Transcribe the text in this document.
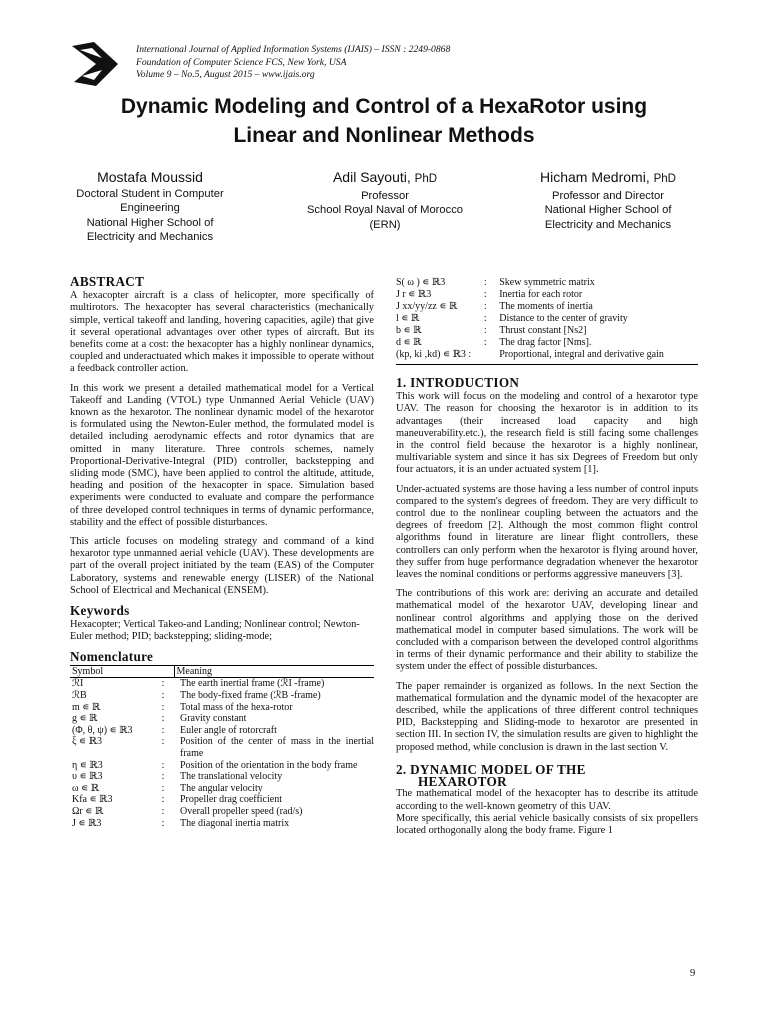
International Journal of Applied Information Systems (IJAIS) – ISSN : 2249-0868
Foundation of Computer Science FCS, New York, USA
Volume 9 – No.5, August 2015 – www.ijais.org
Dynamic Modeling and Control of a HexaRotor using
Linear and Nonlinear Methods
Mostafa Moussid
Doctoral Student in Computer
Engineering
National Higher School of
Electricity and Mechanics
Adil Sayouti, PhD
Professor
School Royal Naval of Morocco
(ERN)
Hicham Medromi, PhD
Professor and Director
National Higher School of
Electricity and Mechanics
ABSTRACT

A hexacopter aircraft is a class of helicopter, more specifically of multirotors. The hexacopter has several characteristics (mechanically simple, vertical takeoff and landing, hovering capacities, agile) that give it several operational advantages over other types of aircraft. But its benefits come at a cost: the hexacopter has a highly nonlinear dynamics, coupled and underactuated which makes it impossible to operate without a feedback controller action.

In this work we present a detailed mathematical model for a Vertical Takeoff and Landing (VTOL) type Unmanned Aerial Vehicle (UAV) known as the hexarotor. The nonlinear dynamic model of the hexarotor is formulated using the Newton-Euler method, the formulated model is detailed including aerodynamic effects and rotor dynamics that are omitted in many literature. Three controls schemes, namely Proportional-Derivative-Integral (PID) controller, backstepping and sliding mode (SMC), have been applied to control the altitude, attitude, heading and position of the hexacopter in space. Simulation based experiments were conducted to evaluate and compare the performance of three developed control techniques in terms of dynamic performance, stability and the effect of possible disturbances.

This article focuses on modeling strategy and command of a kind hexarotor type unmanned aerial vehicle (UAV). These developments are part of the overall project initiated by the team (EAS) of the Computer Laboratory, systems and renewable energy (LISER) of the National School of Electrical and Mechanical (ENSEM).

Keywords

Hexacopter; Vertical Takeo-and Landing; Nonlinear control; Newton-Euler method; PID; backstepping; sliding-mode;

Nomenclature
Symbol		Meaning
ℛI	:	The earth inertial frame (ℛI -frame)
ℛB	:	The body-fixed frame (ℛB -frame)
m ∊ ℝ	:	Total mass of the hexa-rotor
g ∊ ℝ	:	Gravity constant
(Φ, θ, ψ) ∊ ℝ3	:	Euler angle of rotorcraft
ξ ∊ ℝ3	:	Position of the center of mass in the inertial frame
η ∊ ℝ3	:	Position of the orientation in the body frame
υ ∊ ℝ3	:	The translational velocity
ω ∊ ℝ	:	The angular velocity
Kfa ∊ ℝ3	:	Propeller drag coefficient
Ωr ∊ ℝ	:	Overall propeller speed (rad/s)
J ∊ ℝ3	:	The diagonal inertia matrix
S( ω ) ∊ ℝ3	:	Skew symmetric matrix
J r ∊ ℝ3	:	Inertia for each rotor
J xx/yy/zz ∊ ℝ	:	The moments of inertia
l ∊ ℝ	:	Distance to the center of gravity
b ∊ ℝ	:	Thrust constant [Ns2]
d ∊ ℝ	:	The drag factor [Nms].
(kp, ki ,kd) ∊ ℝ3 :		Proportional, integral and derivative gain
1. INTRODUCTION

This work will focus on the modeling and control of a hexarotor type UAV. The reason for choosing the hexarotor is in addition to its advantages (their increased load capacity and high maneuverability.etc.), the research field is still facing some challenges in the control field because the hexarotor is a highly nonlinear, multivariable system and since it has six Degrees of Freedom but only four actuators, it is an under actuated system [1].

Under-actuated systems are those having a less number of control inputs compared to the system's degrees of freedom. They are very difficult to control due to the nonlinear coupling between the actuators and the degrees of freedom [2]. Although the most common flight control algorithms found in literature are linear flight controllers, these controllers can only perform when the hexarotor is flying around hover, they suffer from huge performance degradation whenever the hexarotor leaves the nominal conditions or performs aggressive maneuvers [3].

The contributions of this work are: deriving an accurate and detailed mathematical model of the hexarotor UAV, developing linear and nonlinear control algorithms and applying those on the derived mathematical model in computer based simulations. The work will be concluded with a comparison between the developed control algorithms in terms of their dynamic performance and their ability to stabilize the system under the effect of possible disturbances.

The paper remainder is organized as follows. In the next Section the mathematical formulation and the dynamic model of the hexacopter are described, while the applications of three different control techniques PID, Backstepping and Sliding-mode to hexarotor are presented in section III. In section IV, the simulation results are given to highlight the proposed method, while conclusion is drawn in the last section V.

2. DYNAMIC MODEL OF THE
HEXAROTOR

The mathematical model of the hexacopter has to describe its attitude according to the well-known geometry of this UAV.

More specifically, this aerial vehicle basically consists of six propellers located orthogonally along the body frame. Figure 1

9
